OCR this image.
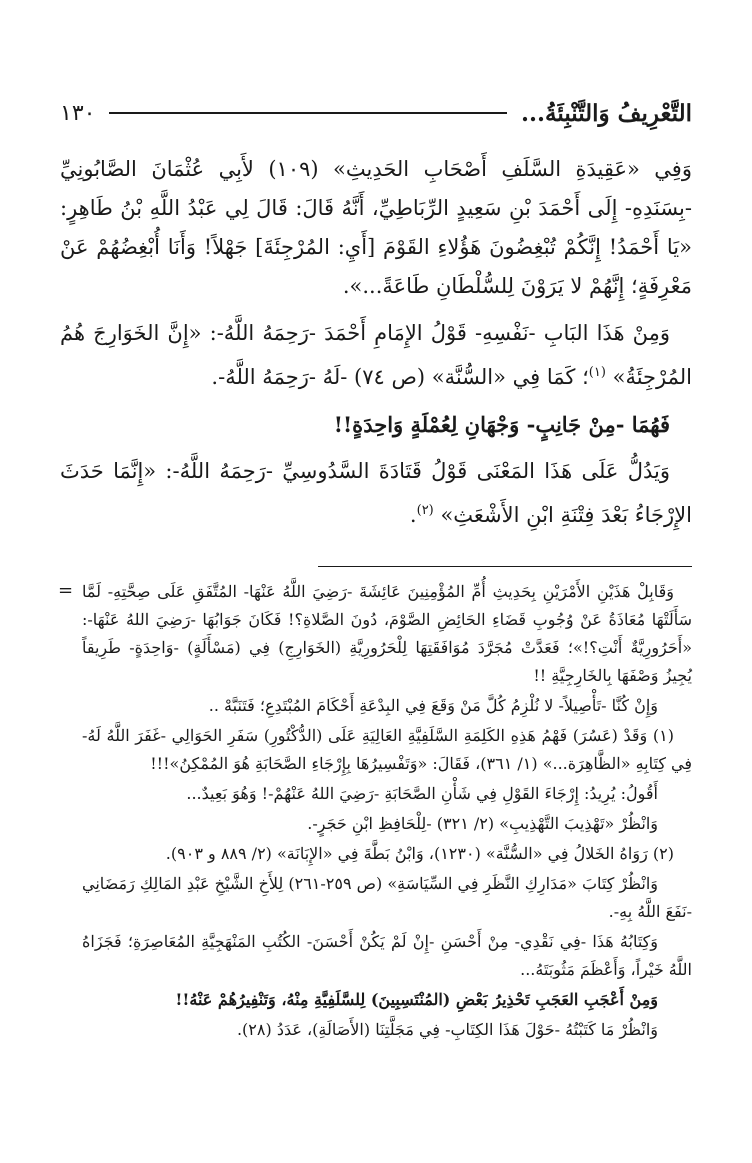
التَّعْرِيفُ وَالتَّنْبِئَةُ...
١٣٠

وَفِي «عَقِيدَةِ السَّلَفِ أَصْحَابِ الحَدِيثِ» (١٠٩) لأَبِي عُثْمَانَ الصَّابُونِيِّ -بِسَنَدِهِ- إِلَى أَحْمَدَ بْنِ سَعِيدٍ الرِّبَاطِيِّ، أَنَّهُ قَالَ: قَالَ لِي عَبْدُ اللَّهِ بْنُ طَاهِرٍ: «يَا أَحْمَدُ! إِنَّكُمْ تُبْغِضُونَ هَؤُلاءِ القَوْمَ [أَيِ: المُرْجِئَةَ] جَهْلاً! وَأَنَا أُبْغِضُهُمْ عَنْ مَعْرِفَةٍ؛ إِنَّهُمْ لا يَرَوْنَ لِلسُّلْطَانِ طَاعَةً...».

وَمِنْ هَذَا البَابِ -نَفْسِهِ- قَوْلُ الإِمَامِ أَحْمَدَ -رَحِمَهُ اللَّهُ-: «إِنَّ الخَوَارِجَ هُمُ المُرْجِئَةُ» $^{(١)}$؛ كَمَا فِي «السُّنَّة» (ص ٧٤) -لَهُ -رَحِمَهُ اللَّهُ-.

فَهُمَا -مِنْ جَانِبٍ- وَجْهَانِ لِعُمْلَةٍ وَاحِدَةٍ!!

وَيَدُلُّ عَلَى هَذَا المَعْنَى قَوْلُ قَتَادَةَ السَّدُوسِيِّ -رَحِمَهُ اللَّهُ-: «إِنَّمَا حَدَثَ الإِرْجَاءُ بَعْدَ فِتْنَةِ ابْنِ الأَشْعَثِ» $^{(٢)}$.

= وَقَابِلْ هَذَيْنِ الأَمْرَيْنِ بِحَدِيثِ أُمِّ المُؤْمِنِينَ عَائِشَةَ -رَضِيَ اللَّهُ عَنْهَا- المُتَّفَقِ عَلَى صِحَّتِهِ- لَمَّا سَأَلَتْهَا مُعَاذَةُ عَنْ وُجُوبِ قَضَاءِ الحَائِضِ الصَّوْمَ، دُونَ الصَّلاةِ؟! فَكَانَ جَوَابُهَا -رَضِيَ اللهُ عَنْهَا-: «أَحَرُورِيَّةٌ أَنْتِ؟!»؛ فَعَدَّتْ مُجَرَّدَ مُوَافَقَتِهَا لِلْحَرُورِيَّةِ (الخَوَارِجِ) فِي (مَسْأَلَةٍ) -وَاحِدَةٍ- طَرِيقاً يُجِيزُ وَصْفَهَا بِالخَارِجِيَّةِ !!

وَإِنْ كُنَّا -تَأْصِيلاً- لا نُلْزِمُ كُلَّ مَنْ وَقَعَ فِي البِدْعَةِ أَحْكَامَ المُبْتَدِعِ؛ فَتَنَبَّهْ ..

(١) وَقَدْ (عَسُرَ) فَهْمُ هَذِهِ الكَلِمَةِ السَّلَفِيَّةِ العَالِيَةِ عَلَى (الدُّكْتُورِ) سَفَرِ الحَوَالِي -غَفَرَ اللَّهُ لَهُ- فِي كِتَابِهِ «الظَّاهِرَة...» (١/ ٣٦١)، فَقَالَ: «وَتَفْسِيرُهَا بِإِرْجَاءِ الصَّحَابَةِ هُوَ المُمْكِنُ»!!!

أَقُولُ: يُرِيدُ: إِرْجَاءَ القَوْلِ فِي شَأْنِ الصَّحَابَةِ -رَضِيَ اللهُ عَنْهُمْ-! وَهُوَ بَعِيدٌ...

وَانْظُرْ «تَهْذِيبَ التَّهْذِيبِ» (٢/ ٣٢١) -لِلْحَافِظِ ابْنِ حَجَرٍ-.

(٢) رَوَاهُ الخَلالُ فِي «السُّنَّة» (١٢٣٠)، وَابْنُ بَطَّةَ فِي «الإِبَانَة» (٢/ ٨٨٩ و ٩٠٣).

وَانْظُرْ كِتَابَ «مَدَارِكِ النَّظَرِ فِي السِّيَاسَةِ» (ص ٢٥٩-٢٦١) لِلأَخِ الشَّيْخِ عَبْدِ المَالِكِ رَمَضَانِي -نَفَعَ اللَّهُ بِهِ-.

وَكِتَابُهُ هَذَا -فِي نَقْدِي- مِنْ أَحْسَنِ -إِنْ لَمْ يَكُنْ أَحْسَنَ- الكُتُبِ المَنْهَجِيَّةِ المُعَاصِرَةِ؛ فَجَزَاهُ اللَّهُ خَيْراً، وَأَعْظَمَ مَثُوبَتَهُ...

وَمِنْ أَعْجَبِ العَجَبِ تَحْذِيرُ بَعْضِ (المُنْتَسِبِينَ) لِلسَّلَفِيَّةِ مِنْهُ، وَتَنْفِيرُهُمْ عَنْهُ!!

وَانْظُرْ مَا كَتَبْتُهُ -حَوْلَ هَذَا الكِتَابِ- فِي مَجَلَّتِنَا (الأَصَالَةِ)، عَدَدُ (٢٨).
